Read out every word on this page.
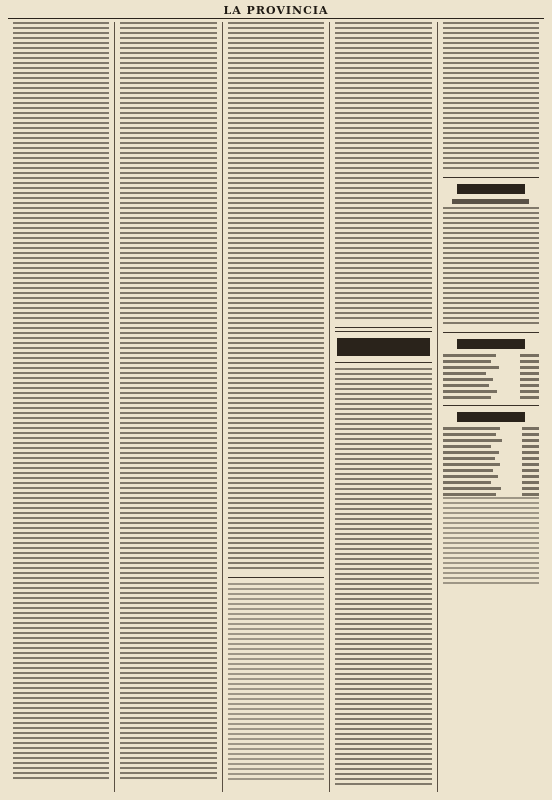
LA PROVINCIA
